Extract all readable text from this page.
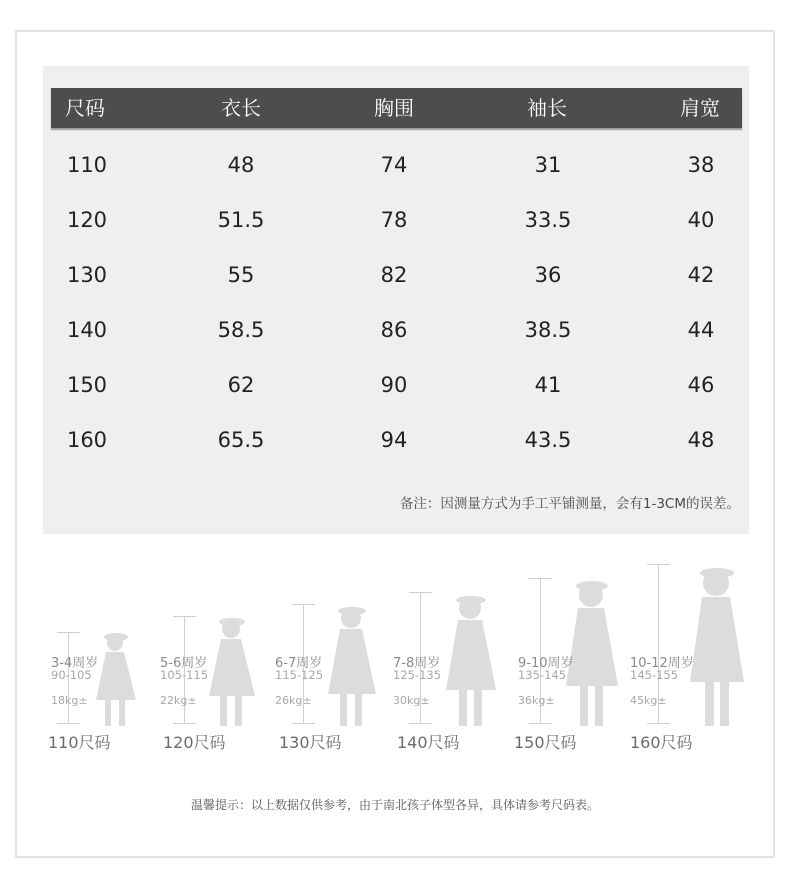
尺码	衣长	胸围	袖长	肩宽
110	48	74	31	38
120	51.5	78	33.5	40
130	55	82	36	42
140	58.5	86	38.5	44
150	62	90	41	46
160	65.5	94	43.5	48
备注：因测量方式为手工平铺测量，会有1-3CM的误差。
3-4周岁
90-105
18kg±
110尺码
5-6周岁
105-115
22kg±
120尺码
6-7周岁
115-125
26kg±
130尺码
7-8周岁
125-135
30kg±
140尺码
9-10周岁
135-145
36kg±
150尺码
10-12周岁
145-155
45kg±
160尺码
温馨提示：以上数据仅供参考，由于南北孩子体型各异，具体请参考尺码表。
